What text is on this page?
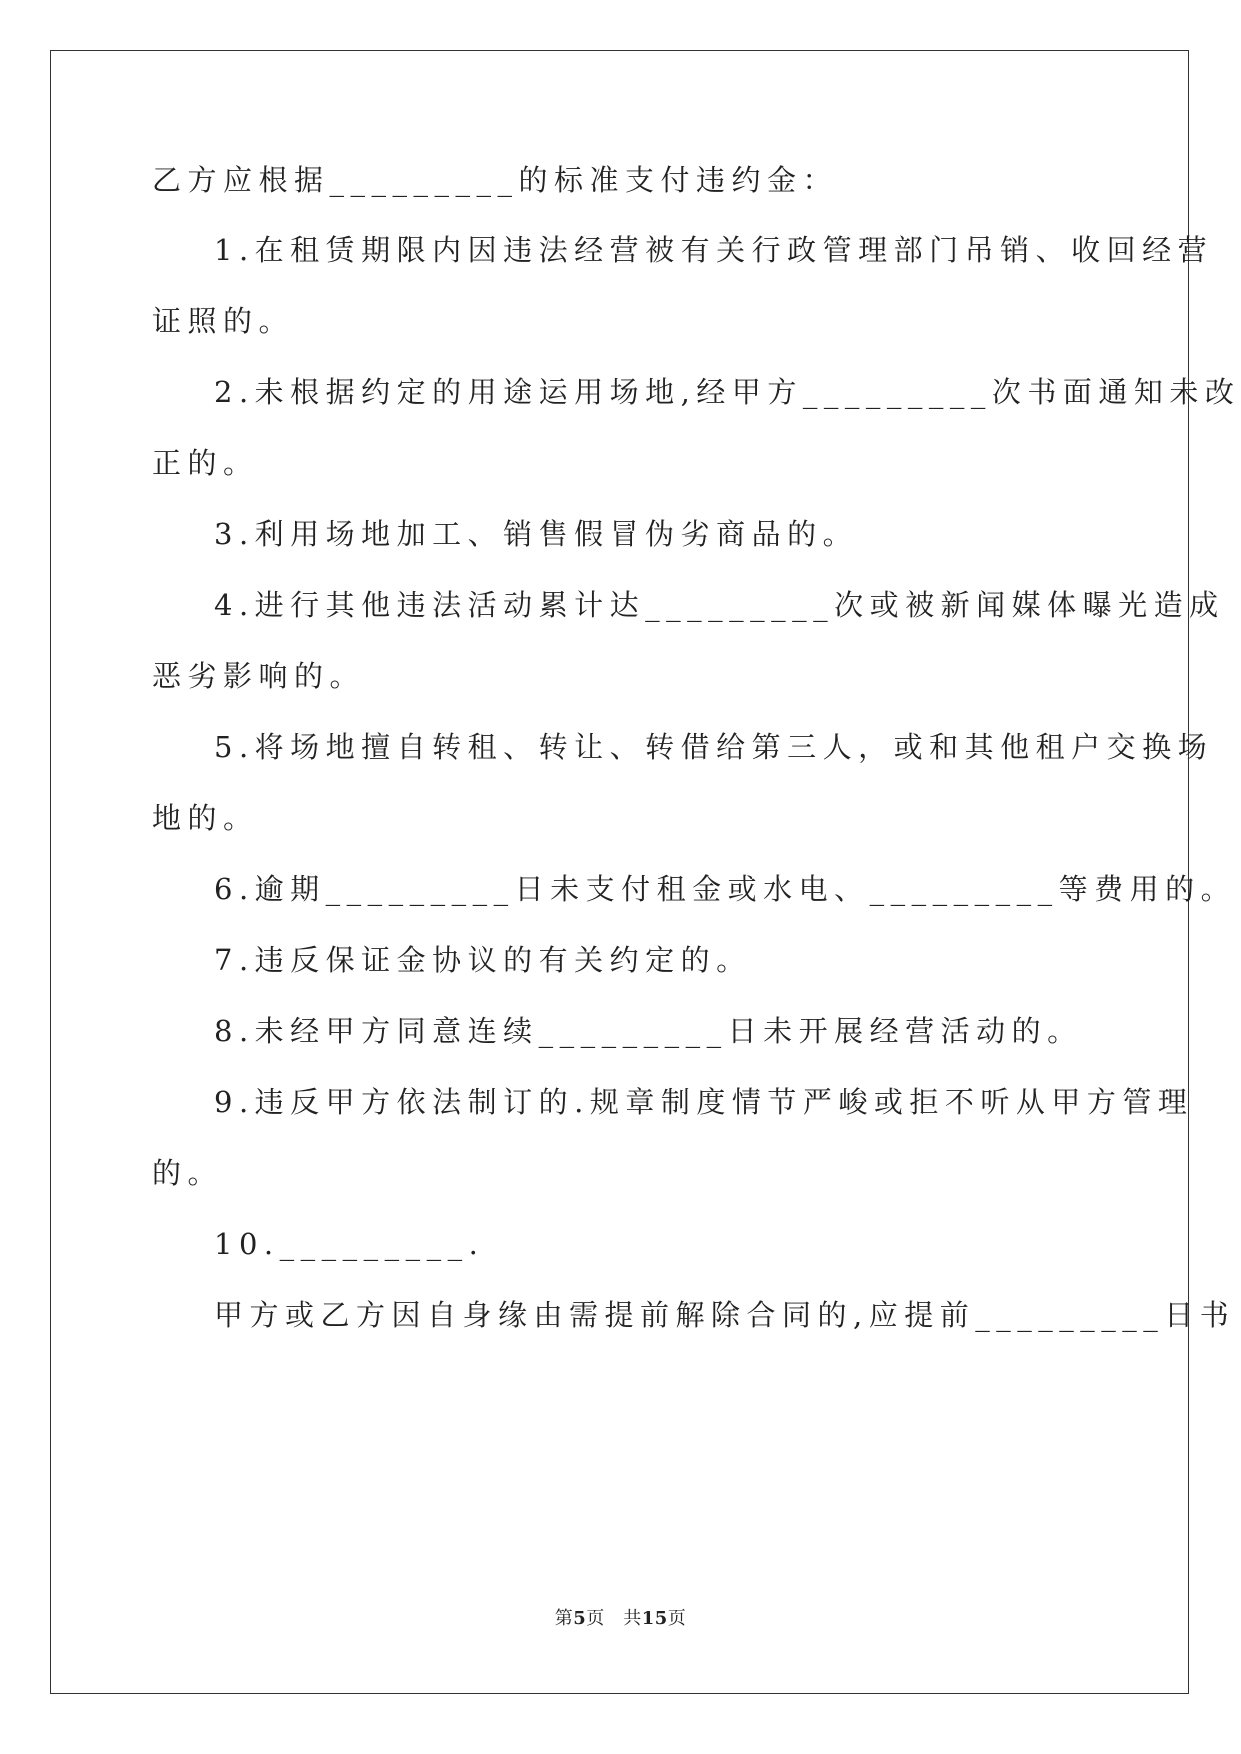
乙方应根据_________的标准支付违约金：
1.在租赁期限内因违法经营被有关行政管理部门吊销、收回经营
证照的。
2.未根据约定的用途运用场地,经甲方_________次书面通知未改
正的。
3.利用场地加工、销售假冒伪劣商品的。
4.进行其他违法活动累计达_________次或被新闻媒体曝光造成
恶劣影响的。
5.将场地擅自转租、转让、转借给第三人，或和其他租户交换场
地的。
6.逾期_________日未支付租金或水电、_________等费用的。
7.违反保证金协议的有关约定的。
8.未经甲方同意连续_________日未开展经营活动的。
9.违反甲方依法制订的.规章制度情节严峻或拒不听从甲方管理
的。
10._________.
甲方或乙方因自身缘由需提前解除合同的,应提前_________日书
第5页　共15页
